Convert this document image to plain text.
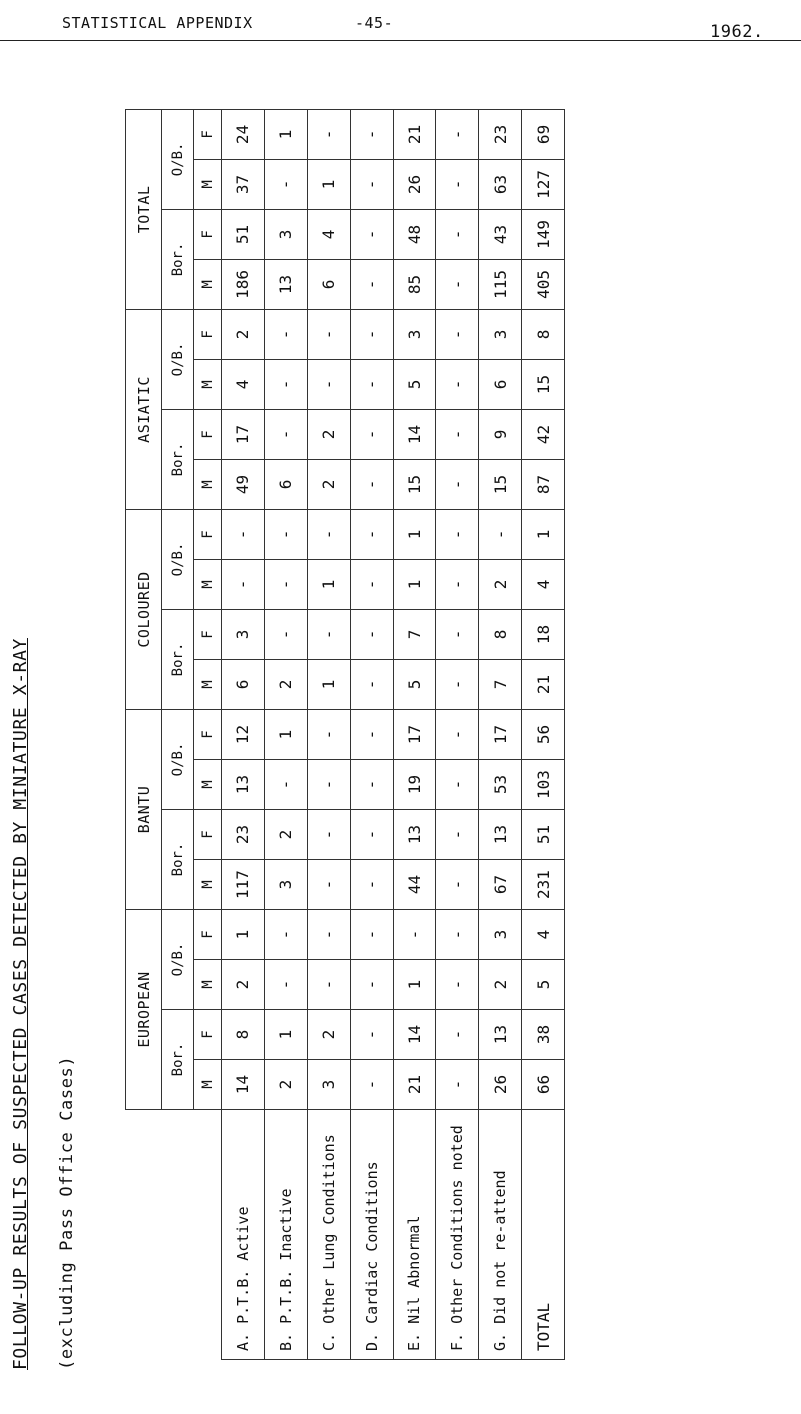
STATISTICAL APPENDIX	-45-	1962.
FOLLOW-UP RESULTS OF SUSPECTED CASES DETECTED BY MINIATURE X-RAY (excluding Pass Office Cases)
	EUROPEAN				BANTU				COLOURED				ASIATIC				TOTAL			
	Bor.		O/B.		Bor.		O/B.		Bor.		O/B.		Bor.		O/B.		Bor.		O/B.	
	M	F	M	F	M	F	M	F	M	F	M	F	M	F	M	F	M	F	M	F
A. P.T.B. Active	14	8	2	1	117	23	13	12	6	3	-	-	49	17	4	2	186	51	37	24
B. P.T.B. Inactive	2	1	-	-	3	2	-	1	2	-	-	-	6	-	-	-	13	3	-	1
C. Other Lung Conditions	3	2	-	-	-	-	-	-	1	-	1	-	2	2	-	-	6	4	1	-
D. Cardiac Conditions	-	-	-	-	-	-	-	-	-	-	-	-	-	-	-	-	-	-	-	-
E. Nil Abnormal	21	14	1	-	44	13	19	17	5	7	1	1	15	14	5	3	85	48	26	21
F. Other Conditions noted	-	-	-	-	-	-	-	-	-	-	-	-	-	-	-	-	-	-	-	-
G. Did not re-attend	26	13	2	3	67	13	53	17	7	8	2	-	15	9	6	3	115	43	63	23
TOTAL	66	38	5	4	231	51	103	56	21	18	4	1	87	42	15	8	405	149	127	69
